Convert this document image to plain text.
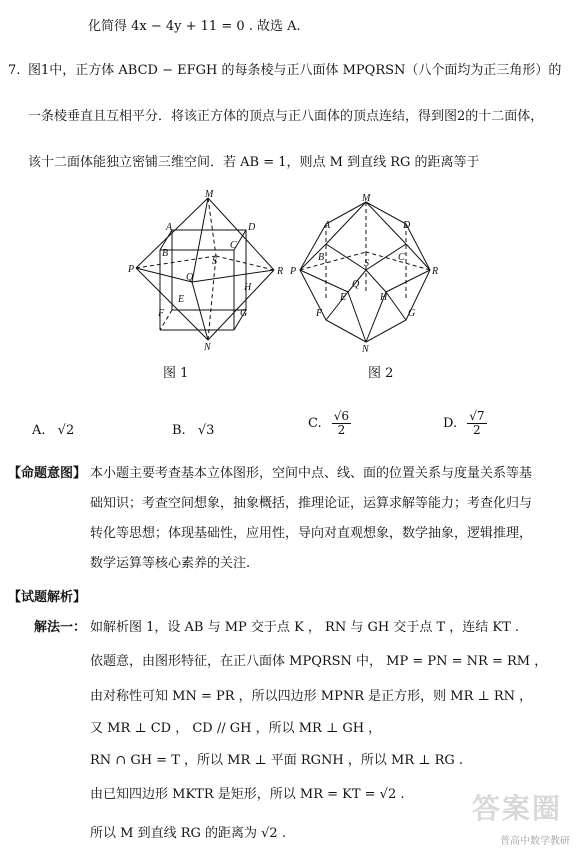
化简得 4x − 4y + 11 = 0 . 故选 A.
7. 图1中，正方体 ABCD − EFGH 的每条棱与正八面体 MPQRSN（八个面均为正三角形）的
一条棱垂直且互相平分．将该正方体的顶点与正八面体的顶点连结，得到图2的十二面体，
该十二面体能独立密铺三维空间．若 AB = 1，则点 M 到直线 RG 的距离等于
M
A	D
C
B
S
P
Q
R
H
E
F	G
N
M
A	D
B	C
S
P	R
Q
E	H
F	G
N
图 1	图 2
A. √2	B. √3	C. $\frac{√6}{2}$	D. $\frac{√7}{2}$
【命题意图】 本小题主要考查基本立体图形，空间中点、线、面的位置关系与度量关系等基
础知识；考查空间想象，抽象概括，推理论证，运算求解等能力；考查化归与
转化等思想；体现基础性，应用性，导向对直观想象，数学抽象，逻辑推理，
数学运算等核心素养的关注.
【试题解析】
解法一： 如解析图 1，设 AB 与 MP 交于点 K ， RN 与 GH 交于点 T ，连结 KT .
依题意，由图形特征，在正八面体 MPQRSN 中， MP = PN = NR = RM ，
由对称性可知 MN = PR ，所以四边形 MPNR 是正方形，则 MR ⊥ RN ，
又 MR ⊥ CD ， CD // GH ，所以 MR ⊥ GH ，
RN ∩ GH = T ，所以 MR ⊥ 平面 RGNH ，所以 MR ⊥ RG .
由已知四边形 MKTR 是矩形，所以 MR = KT = √2 .
所以 M 到直线 RG 的距离为 √2 .
答案圈
普高中数学教研
